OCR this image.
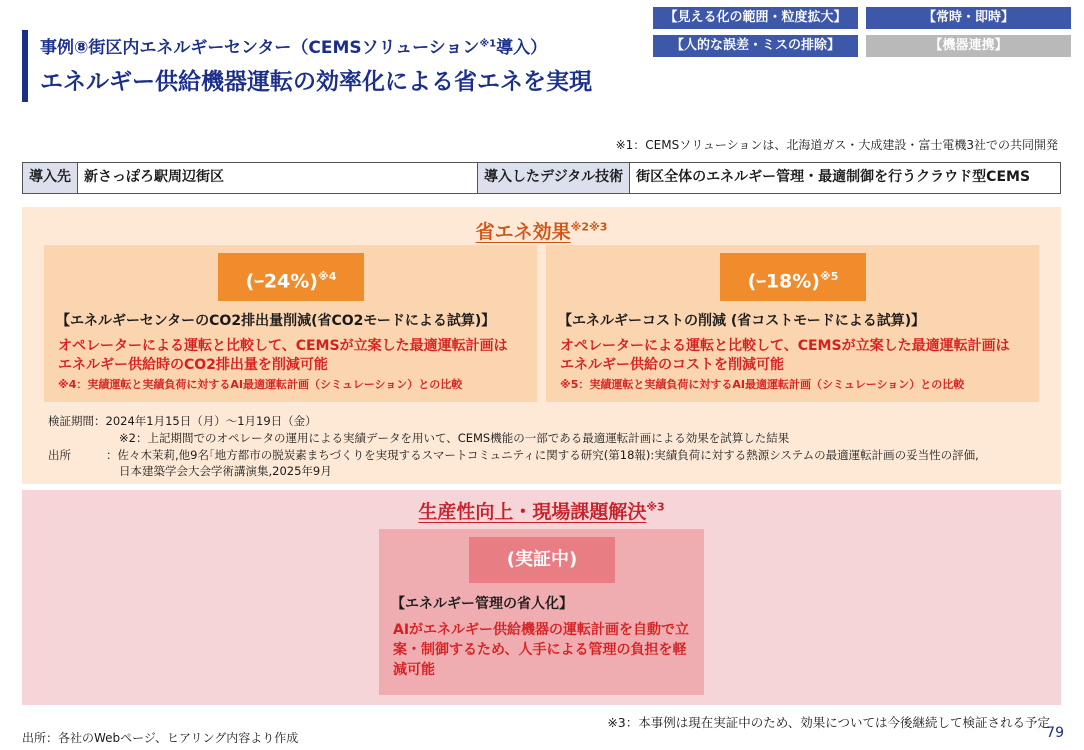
事例⑧街区内エネルギーセンター（CEMSソリューション$^{※1}$導入）
エネルギー供給機器運転の効率化による省エネを実現
【見える化の範囲・粒度拡大】	【常時・即時】
【人的な誤差・ミスの排除】	【機器連携】
※1：CEMSソリューションは、北海道ガス・大成建設・富士電機3社での共同開発
導入先 新さっぽろ駅周辺街区	導入したデジタル技術 街区全体のエネルギー管理・最適制御を行うクラウド型CEMS
省エネ効果$^{※2※3}$
(ｰ24%)$^{※4}$
【エネルギーセンターのCO2排出量削減(省CO2モードによる試算)】
オペレーターによる運転と比較して、CEMSが立案した最適運転計画は
エネルギー供給時のCO2排出量を削減可能
※4：実績運転と実績負荷に対するAI最適運転計画（シミュレーション）との比較
(ｰ18%)$^{※5}$
【エネルギーコストの削減 (省コストモードによる試算)】
オペレーターによる運転と比較して、CEMSが立案した最適運転計画は
エネルギー供給のコストを削減可能
※5：実績運転と実績負荷に対するAI最適運転計画（シミュレーション）との比較
検証期間：2024年1月15日（月）～1月19日（金）
※2：上記期間でのオペレータの運用による実績データを用いて、CEMS機能の一部である最適運転計画による効果を試算した結果
出所	：佐々木茉莉,他9名｢地方都市の脱炭素まちづくりを実現するスマートコミュニティに関する研究(第18報):実績負荷に対する熱源システムの最適運転計画の妥当性の評価,
日本建築学会大会学術講演集,2025年9月
生産性向上・現場課題解決$^{※3}$
(実証中)
【エネルギー管理の省人化】
AIがエネルギー供給機器の運転計画を自動で立案・制御するため、人手による管理の負担を軽減可能
※3：本事例は現在実証中のため、効果については今後継続して検証される予定
出所：各社のWebページ、ヒアリング内容より作成	79
